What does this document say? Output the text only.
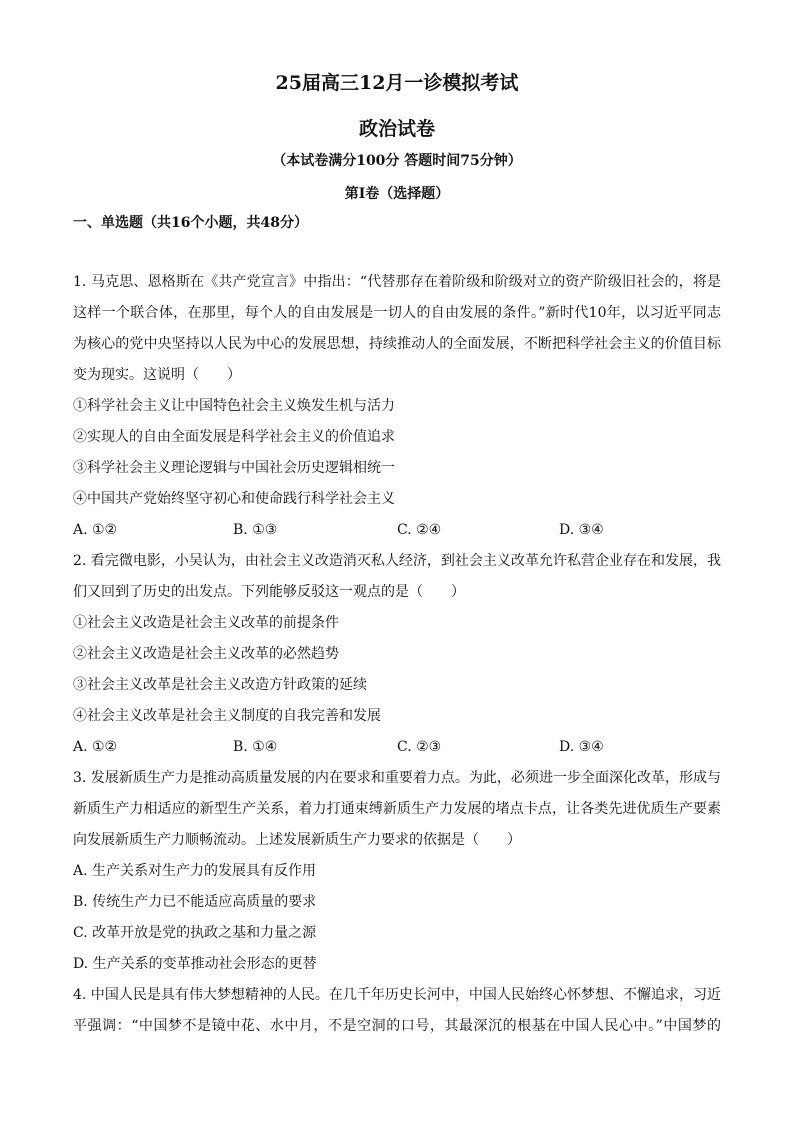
25届高三12月一诊模拟考试
政治试卷
（本试卷满分100分 答题时间75分钟）
第Ⅰ卷（选择题）
一、单选题（共16个小题，共48分）
1. 马克思、恩格斯在《共产党宣言》中指出：“代替那存在着阶级和阶级对立的资产阶级旧社会的，将是
这样一个联合体，在那里，每个人的自由发展是一切人的自由发展的条件。”新时代10年，以习近平同志
为核心的党中央坚持以人民为中心的发展思想，持续推动人的全面发展，不断把科学社会主义的价值目标
变为现实。这说明（　　）
①科学社会主义让中国特色社会主义焕发生机与活力
②实现人的自由全面发展是科学社会主义的价值追求
③科学社会主义理论逻辑与中国社会历史逻辑相统一
④中国共产党始终坚守初心和使命践行科学社会主义
A. ①②	B. ①③	C. ②④	D. ③④
2. 看完微电影，小吴认为，由社会主义改造消灭私人经济，到社会主义改革允许私营企业存在和发展，我
们又回到了历史的出发点。下列能够反驳这一观点的是（　　）
①社会主义改造是社会主义改革的前提条件
②社会主义改造是社会主义改革的必然趋势
③社会主义改革是社会主义改造方针政策的延续
④社会主义改革是社会主义制度的自我完善和发展
A. ①②	B. ①④	C. ②③	D. ③④
3. 发展新质生产力是推动高质量发展的内在要求和重要着力点。为此，必须进一步全面深化改革，形成与
新质生产力相适应的新型生产关系，着力打通束缚新质生产力发展的堵点卡点，让各类先进优质生产要素
向发展新质生产力顺畅流动。上述发展新质生产力要求的依据是（　　）
A. 生产关系对生产力的发展具有反作用
B. 传统生产力已不能适应高质量的要求
C. 改革开放是党的执政之基和力量之源
D. 生产关系的变革推动社会形态的更替
4. 中国人民是具有伟大梦想精神的人民。在几千年历史长河中，中国人民始终心怀梦想、不懈追求，习近
平强调：“中国梦不是镜中花、水中月，不是空洞的口号，其最深沉的根基在中国人民心中。”中国梦的
